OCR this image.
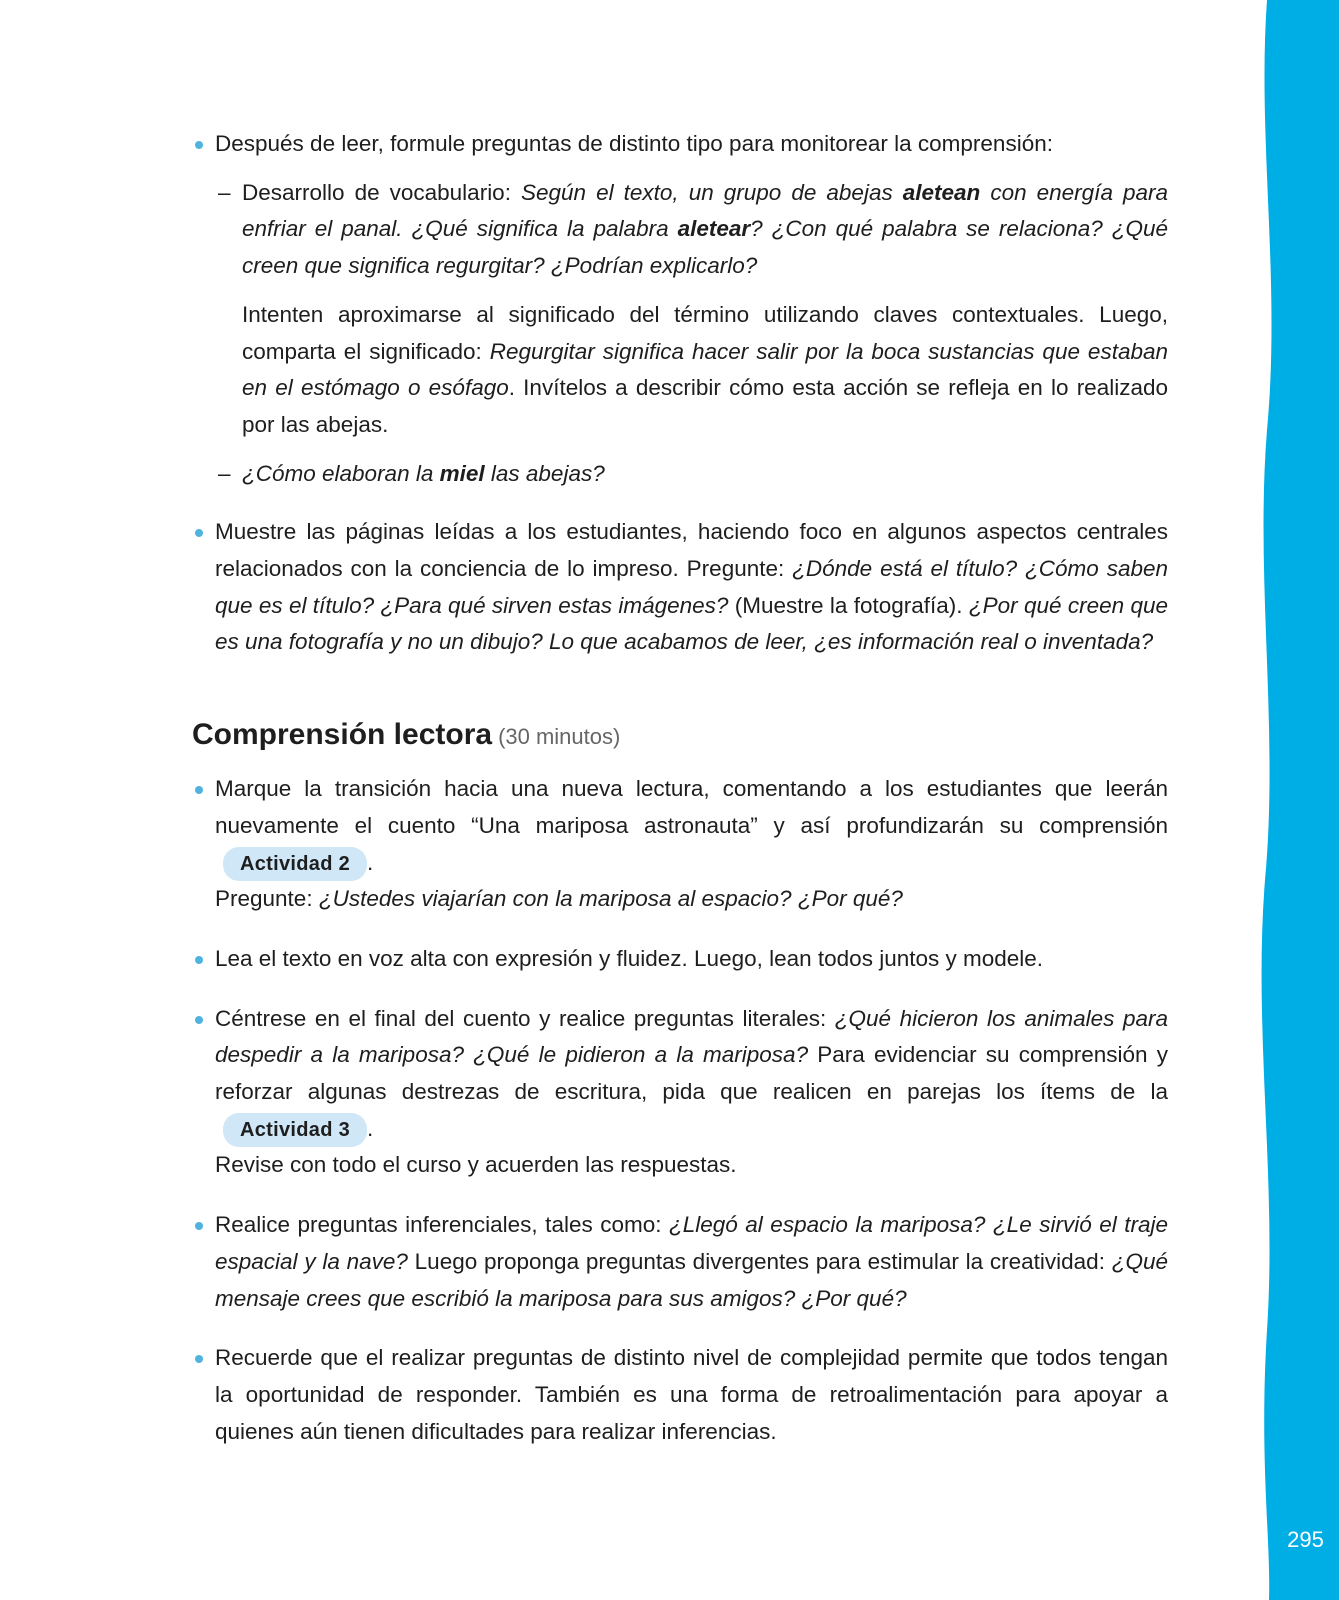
295
Después de leer, formule preguntas de distinto tipo para monitorear la comprensión:
– Desarrollo de vocabulario: Según el texto, un grupo de abejas aletean con energía para enfriar el panal. ¿Qué significa la palabra aletear? ¿Con qué palabra se relaciona? ¿Qué creen que significa regurgitar? ¿Podrían explicarlo?
Intenten aproximarse al significado del término utilizando claves contextuales. Luego, comparta el significado: Regurgitar significa hacer salir por la boca sustancias que estaban en el estómago o esófago. Invítelos a describir cómo esta acción se refleja en lo realizado por las abejas.
– ¿Cómo elaboran la miel las abejas?
Muestre las páginas leídas a los estudiantes, haciendo foco en algunos aspectos centrales relacionados con la conciencia de lo impreso. Pregunte: ¿Dónde está el título? ¿Cómo saben que es el título? ¿Para qué sirven estas imágenes? (Muestre la fotografía). ¿Por qué creen que es una fotografía y no un dibujo? Lo que acabamos de leer, ¿es información real o inventada?
Comprensión lectora (30 minutos)
Marque la transición hacia una nueva lectura, comentando a los estudiantes que leerán nuevamente el cuento “Una mariposa astronauta” y así profundizarán su comprensiónActividad 2 .
Pregunte: ¿Ustedes viajarían con la mariposa al espacio? ¿Por qué?
Lea el texto en voz alta con expresión y fluidez. Luego, lean todos juntos y modele.
Céntrese en el final del cuento y realice preguntas literales: ¿Qué hicieron los animales para despedir a la mariposa? ¿Qué le pidieron a la mariposa? Para evidenciar su comprensión y reforzar algunas destrezas de escritura, pida que realicen en parejas los ítems de laActividad 3 .
Revise con todo el curso y acuerden las respuestas.
Realice preguntas inferenciales, tales como: ¿Llegó al espacio la mariposa? ¿Le sirvió el traje espacial y la nave? Luego proponga preguntas divergentes para estimular la creatividad: ¿Qué mensaje crees que escribió la mariposa para sus amigos? ¿Por qué?
Recuerde que el realizar preguntas de distinto nivel de complejidad permite que todos tengan la oportunidad de responder. También es una forma de retroalimentación para apoyar a quienes aún tienen dificultades para realizar inferencias.
